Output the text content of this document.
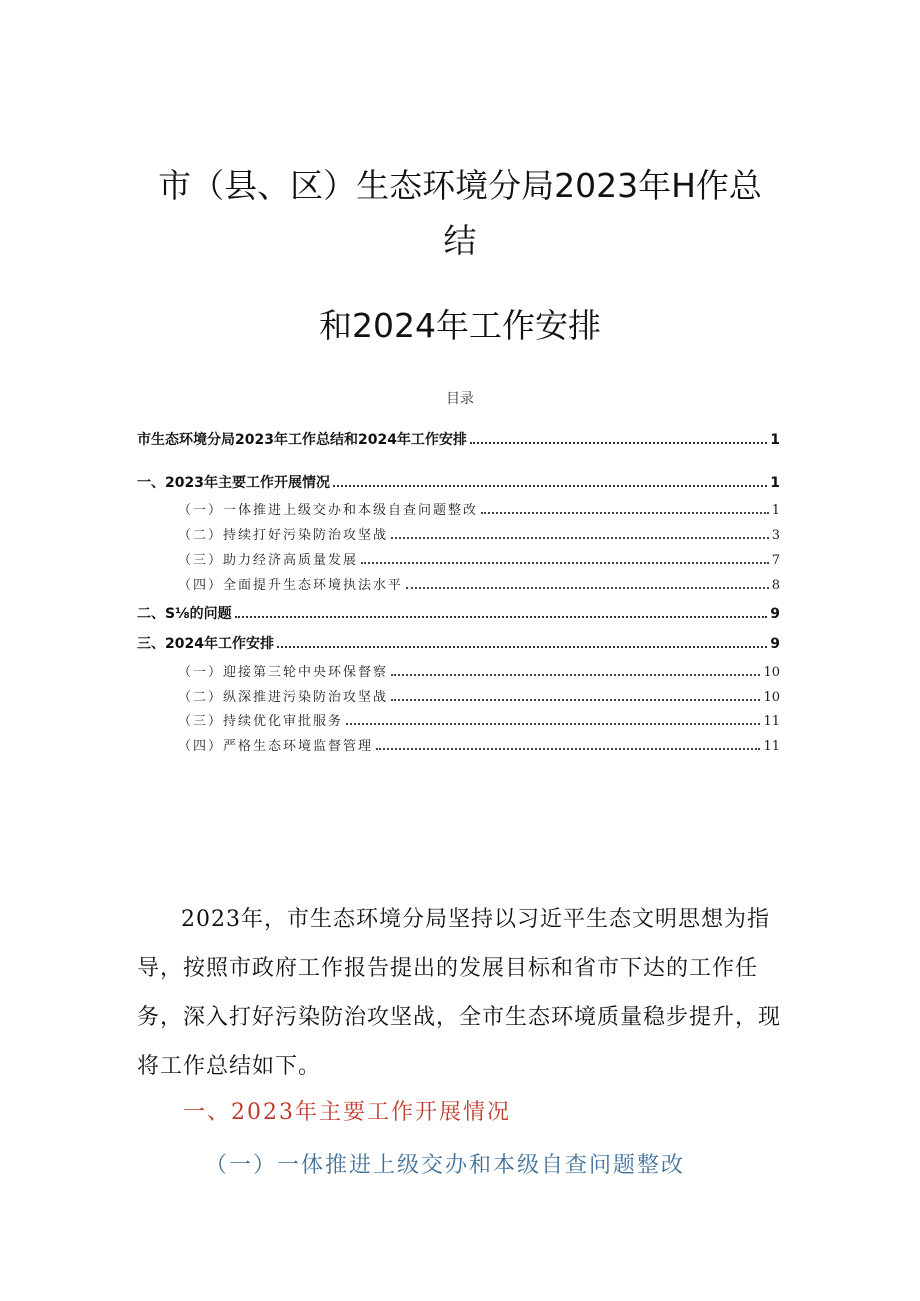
市（县、区）生态环境分局2023年H作总
结
和2024年工作安排
目录
市生态环境分局2023年工作总结和2024年工作安排	1
一、2023年主要工作开展情况	1
（一）一体推进上级交办和本级自查问题整改	1
（二）持续打好污染防治攻坚战	3
（三）助力经济高质量发展	7
（四）全面提升生态环境执法水平	8
二、S⅛的问题	9
三、2024年工作安排	9
（一）迎接第三轮中央环保督察	10
（二）纵深推进污染防治攻坚战	10
（三）持续优化审批服务	11
（四）严格生态环境监督管理	11
2023年，市生态环境分局坚持以习近平生态文明思想为指导，按照市政府工作报告提出的发展目标和省市下达的工作任务，深入打好污染防治攻坚战，全市生态环境质量稳步提升，现将工作总结如下。
一、2023年主要工作开展情况
（一）一体推进上级交办和本级自查问题整改
